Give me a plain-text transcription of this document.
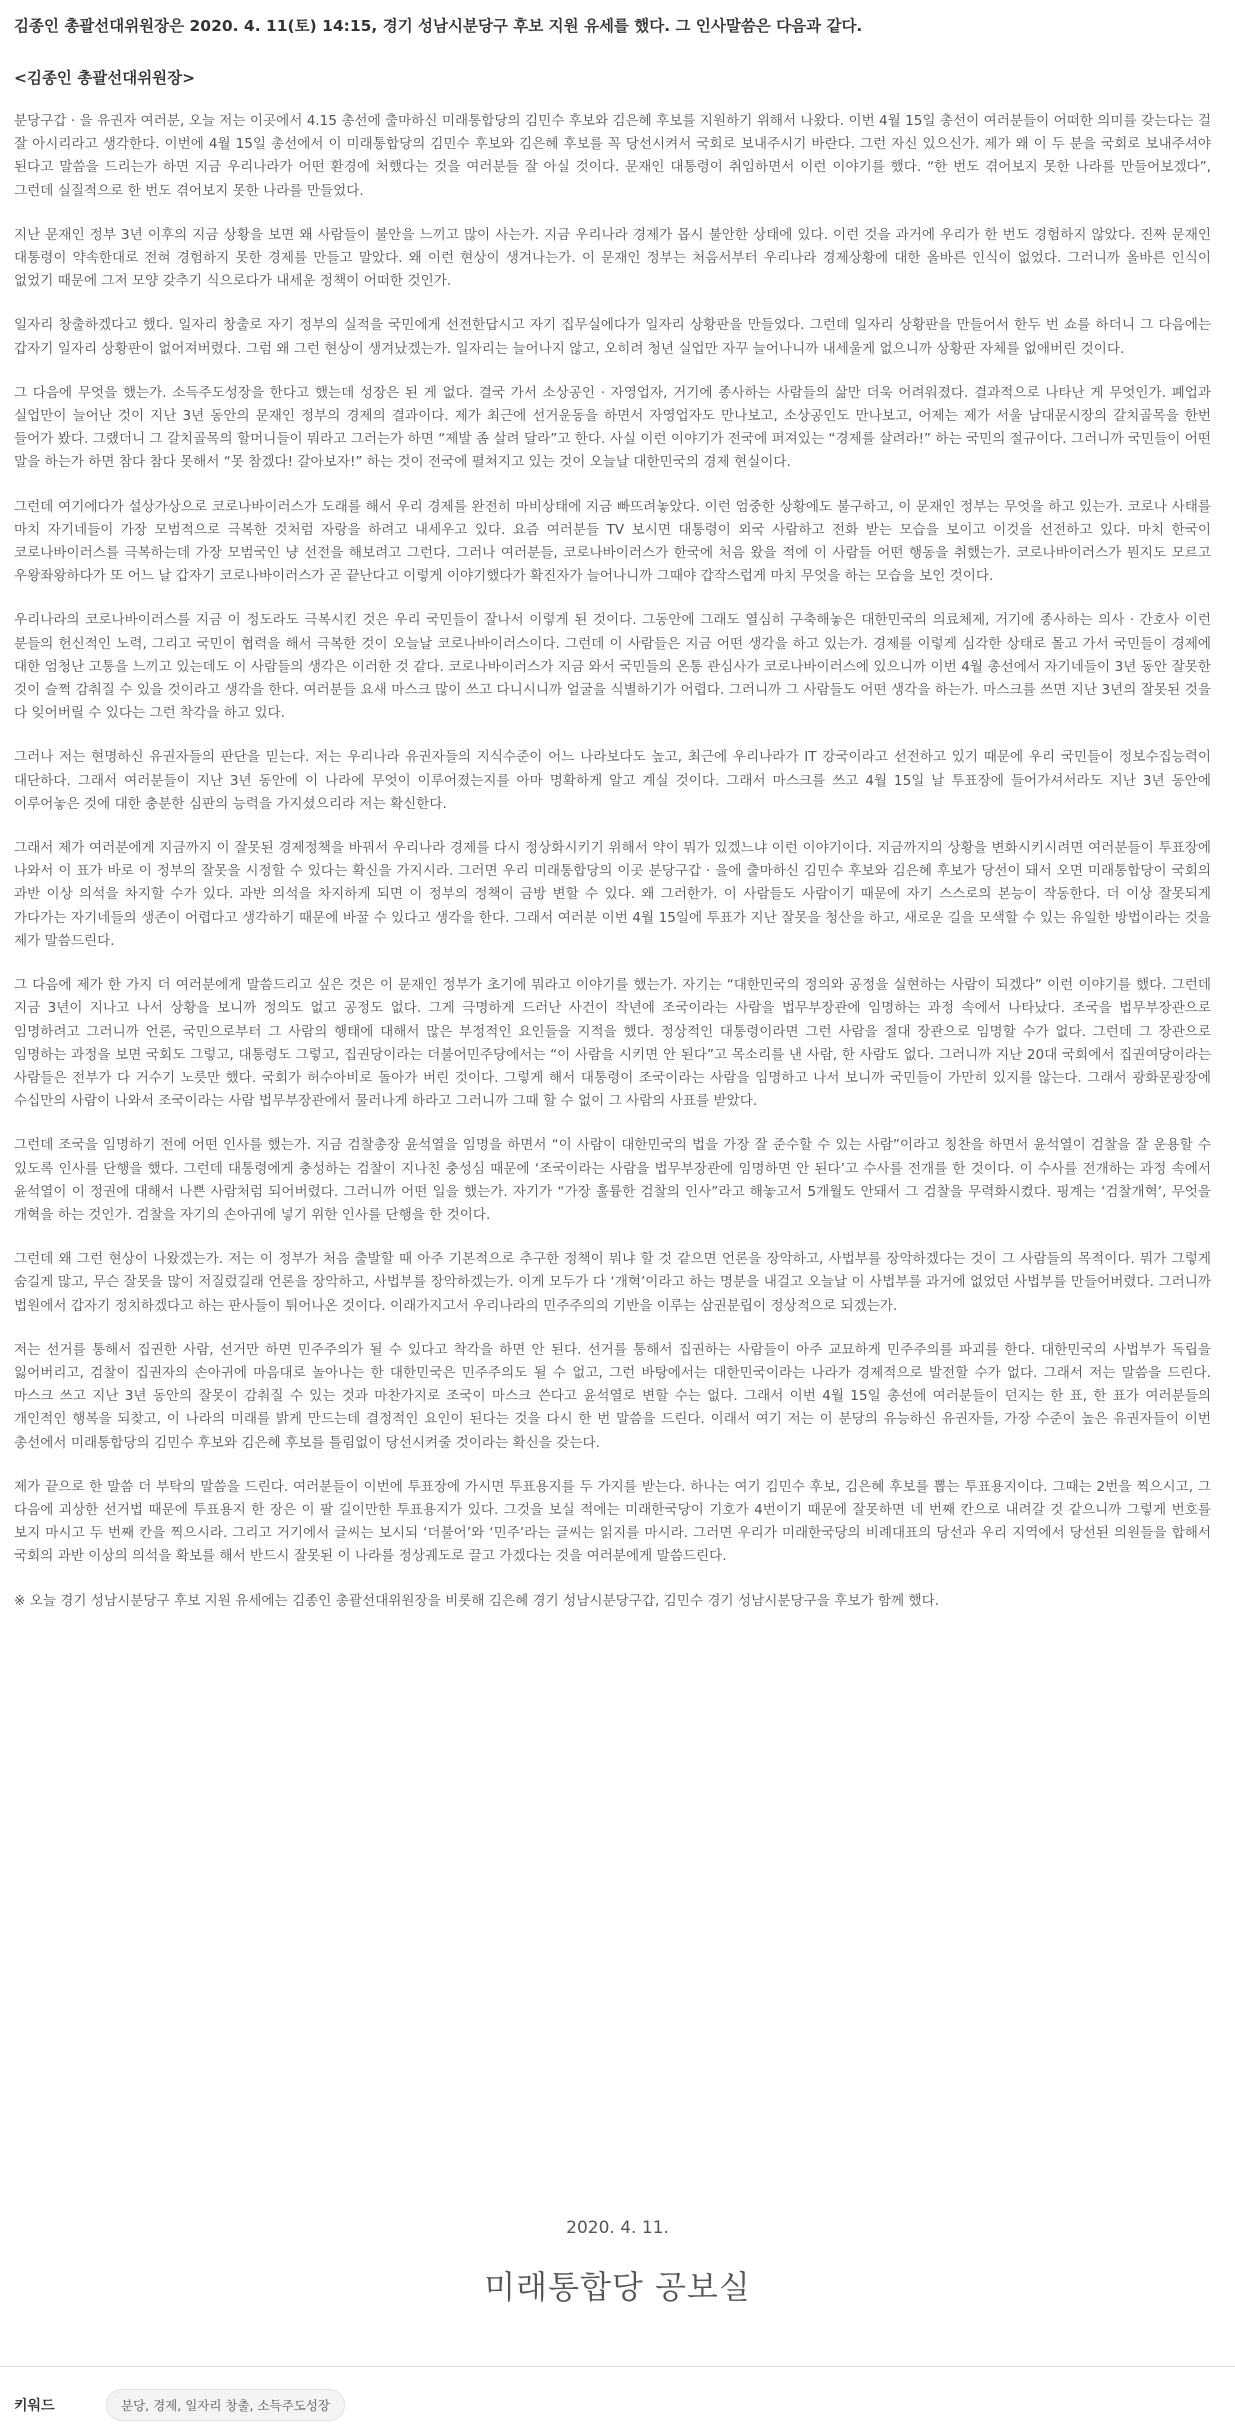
김종인 총괄선대위원장은 2020. 4. 11(토) 14:15, 경기 성남시분당구 후보 지원 유세를 했다. 그 인사말씀은 다음과 같다.
<김종인 총괄선대위원장>

분당구갑 · 을 유권자 여러분, 오늘 저는 이곳에서 4.15 총선에 출마하신 미래통합당의 김민수 후보와 김은혜 후보를 지원하기 위해서 나왔다. 이번 4월 15일 총선이 여러분들이 어떠한 의미를 갖는다는 걸 잘 아시리라고 생각한다. 이번에 4월 15일 총선에서 이 미래통합당의 김민수 후보와 김은혜 후보를 꼭 당선시켜서 국회로 보내주시기 바란다. 그런 자신 있으신가. 제가 왜 이 두 분을 국회로 보내주셔야 된다고 말씀을 드리는가 하면 지금 우리나라가 어떤 환경에 처했다는 것을 여러분들 잘 아실 것이다. 문재인 대통령이 취임하면서 이런 이야기를 했다. “한 번도 겪어보지 못한 나라를 만들어보겠다”, 그런데 실질적으로 한 번도 겪어보지 못한 나라를 만들었다.

지난 문재인 정부 3년 이후의 지금 상황을 보면 왜 사람들이 불안을 느끼고 많이 사는가. 지금 우리나라 경제가 몹시 불안한 상태에 있다. 이런 것을 과거에 우리가 한 번도 경험하지 않았다. 진짜 문재인 대통령이 약속한대로 전혀 경험하지 못한 경제를 만들고 말았다. 왜 이런 현상이 생겨나는가. 이 문재인 정부는 처음서부터 우리나라 경제상황에 대한 올바른 인식이 없었다. 그러니까 올바른 인식이 없었기 때문에 그저 모양 갖추기 식으로다가 내세운 정책이 어떠한 것인가.

일자리 창출하겠다고 했다. 일자리 창출로 자기 정부의 실적을 국민에게 선전한답시고 자기 집무실에다가 일자리 상황판을 만들었다. 그런데 일자리 상황판을 만들어서 한두 번 쇼를 하더니 그 다음에는 갑자기 일자리 상황판이 없어져버렸다. 그럼 왜 그런 현상이 생겨났겠는가. 일자리는 늘어나지 않고, 오히려 청년 실업만 자꾸 늘어나니까 내세울게 없으니까 상황판 자체를 없애버린 것이다.

그 다음에 무엇을 했는가. 소득주도성장을 한다고 했는데 성장은 된 게 없다. 결국 가서 소상공인 · 자영업자, 거기에 종사하는 사람들의 삶만 더욱 어려워졌다. 결과적으로 나타난 게 무엇인가. 폐업과 실업만이 늘어난 것이 지난 3년 동안의 문재인 정부의 경제의 결과이다. 제가 최근에 선거운동을 하면서 자영업자도 만나보고, 소상공인도 만나보고, 어제는 제가 서울 남대문시장의 갈치골목을 한번 들어가 봤다. 그랬더니 그 갈치골목의 할머니들이 뭐라고 그러는가 하면 “제발 좀 살려 달라”고 한다. 사실 이런 이야기가 전국에 퍼져있는 “경제를 살려라!” 하는 국민의 절규이다. 그러니까 국민들이 어떤 말을 하는가 하면 참다 참다 못해서 “못 참겠다! 갈아보자!” 하는 것이 전국에 펼쳐지고 있는 것이 오늘날 대한민국의 경제 현실이다.

그런데 여기에다가 설상가상으로 코로나바이러스가 도래를 해서 우리 경제를 완전히 마비상태에 지금 빠뜨려놓았다. 이런 엄중한 상황에도 불구하고, 이 문재인 정부는 무엇을 하고 있는가. 코로나 사태를 마치 자기네들이 가장 모범적으로 극복한 것처럼 자랑을 하려고 내세우고 있다. 요즘 여러분들 TV 보시면 대통령이 외국 사람하고 전화 받는 모습을 보이고 이것을 선전하고 있다. 마치 한국이 코로나바이러스를 극복하는데 가장 모범국인 냥 선전을 해보려고 그런다. 그러나 여러분들, 코로나바이러스가 한국에 처음 왔을 적에 이 사람들 어떤 행동을 취했는가. 코로나바이러스가 뭔지도 모르고 우왕좌왕하다가 또 어느 날 갑자기 코로나바이러스가 곧 끝난다고 이렇게 이야기했다가 확진자가 늘어나니까 그때야 갑작스럽게 마치 무엇을 하는 모습을 보인 것이다.

우리나라의 코로나바이러스를 지금 이 정도라도 극복시킨 것은 우리 국민들이 잘나서 이렇게 된 것이다. 그동안에 그래도 열심히 구축해놓은 대한민국의 의료체제, 거기에 종사하는 의사 · 간호사 이런 분들의 헌신적인 노력, 그리고 국민이 협력을 해서 극복한 것이 오늘날 코로나바이러스이다. 그런데 이 사람들은 지금 어떤 생각을 하고 있는가. 경제를 이렇게 심각한 상태로 몰고 가서 국민들이 경제에 대한 엄청난 고통을 느끼고 있는데도 이 사람들의 생각은 이러한 것 같다. 코로나바이러스가 지금 와서 국민들의 온통 관심사가 코로나바이러스에 있으니까 이번 4월 총선에서 자기네들이 3년 동안 잘못한 것이 슬쩍 감춰질 수 있을 것이라고 생각을 한다. 여러분들 요새 마스크 많이 쓰고 다니시니까 얼굴을 식별하기가 어렵다. 그러니까 그 사람들도 어떤 생각을 하는가. 마스크를 쓰면 지난 3년의 잘못된 것을 다 잊어버릴 수 있다는 그런 착각을 하고 있다.

그러나 저는 현명하신 유권자들의 판단을 믿는다. 저는 우리나라 유권자들의 지식수준이 어느 나라보다도 높고, 최근에 우리나라가 IT 강국이라고 선전하고 있기 때문에 우리 국민들이 정보수집능력이 대단하다. 그래서 여러분들이 지난 3년 동안에 이 나라에 무엇이 이루어졌는지를 아마 명확하게 알고 계실 것이다. 그래서 마스크를 쓰고 4월 15일 날 투표장에 들어가셔서라도 지난 3년 동안에 이루어놓은 것에 대한 충분한 심판의 능력을 가지셨으리라 저는 확신한다.

그래서 제가 여러분에게 지금까지 이 잘못된 경제정책을 바꿔서 우리나라 경제를 다시 정상화시키기 위해서 약이 뭐가 있겠느냐 이런 이야기이다. 지금까지의 상황을 변화시키시려면 여러분들이 투표장에 나와서 이 표가 바로 이 정부의 잘못을 시정할 수 있다는 확신을 가지시라. 그러면 우리 미래통합당의 이곳 분당구갑 · 을에 출마하신 김민수 후보와 김은혜 후보가 당선이 돼서 오면 미래통합당이 국회의 과반 이상 의석을 차지할 수가 있다. 과반 의석을 차지하게 되면 이 정부의 정책이 금방 변할 수 있다. 왜 그러한가. 이 사람들도 사람이기 때문에 자기 스스로의 본능이 작동한다. 더 이상 잘못되게 가다가는 자기네들의 생존이 어렵다고 생각하기 때문에 바꿀 수 있다고 생각을 한다. 그래서 여러분 이번 4월 15일에 투표가 지난 잘못을 청산을 하고, 새로운 길을 모색할 수 있는 유일한 방법이라는 것을 제가 말씀드린다.

그 다음에 제가 한 가지 더 여러분에게 말씀드리고 싶은 것은 이 문재인 정부가 초기에 뭐라고 이야기를 했는가. 자기는 “대한민국의 정의와 공정을 실현하는 사람이 되겠다” 이런 이야기를 했다. 그런데 지금 3년이 지나고 나서 상황을 보니까 정의도 없고 공정도 없다. 그게 극명하게 드러난 사건이 작년에 조국이라는 사람을 법무부장관에 임명하는 과정 속에서 나타났다. 조국을 법무부장관으로 임명하려고 그러니까 언론, 국민으로부터 그 사람의 행태에 대해서 많은 부정적인 요인들을 지적을 했다. 정상적인 대통령이라면 그런 사람을 절대 장관으로 임명할 수가 없다. 그런데 그 장관으로 임명하는 과정을 보면 국회도 그렇고, 대통령도 그렇고, 집권당이라는 더불어민주당에서는 “이 사람을 시키면 안 된다”고 목소리를 낸 사람, 한 사람도 없다. 그러니까 지난 20대 국회에서 집권여당이라는 사람들은 전부가 다 거수기 노릇만 했다. 국회가 허수아비로 돌아가 버린 것이다. 그렇게 해서 대통령이 조국이라는 사람을 임명하고 나서 보니까 국민들이 가만히 있지를 않는다. 그래서 광화문광장에 수십만의 사람이 나와서 조국이라는 사람 법무부장관에서 물러나게 하라고 그러니까 그때 할 수 없이 그 사람의 사표를 받았다.

그런데 조국을 임명하기 전에 어떤 인사를 했는가. 지금 검찰총장 윤석열을 임명을 하면서 “이 사람이 대한민국의 법을 가장 잘 준수할 수 있는 사람”이라고 칭찬을 하면서 윤석열이 검찰을 잘 운용할 수 있도록 인사를 단행을 했다. 그런데 대통령에게 충성하는 검찰이 지나친 충성심 때문에 ‘조국이라는 사람을 법무부장관에 임명하면 안 된다’고 수사를 전개를 한 것이다. 이 수사를 전개하는 과정 속에서 윤석열이 이 정권에 대해서 나쁜 사람처럼 되어버렸다. 그러니까 어떤 일을 했는가. 자기가 “가장 훌륭한 검찰의 인사”라고 해놓고서 5개월도 안돼서 그 검찰을 무력화시켰다. 핑계는 ‘검찰개혁’, 무엇을 개혁을 하는 것인가. 검찰을 자기의 손아귀에 넣기 위한 인사를 단행을 한 것이다.

그런데 왜 그런 현상이 나왔겠는가. 저는 이 정부가 처음 출발할 때 아주 기본적으로 추구한 정책이 뭐냐 할 것 같으면 언론을 장악하고, 사법부를 장악하겠다는 것이 그 사람들의 목적이다. 뭐가 그렇게 숨길게 많고, 무슨 잘못을 많이 저질렀길래 언론을 장악하고, 사법부를 장악하겠는가. 이게 모두가 다 ‘개혁’이라고 하는 명분을 내걸고 오늘날 이 사법부를 과거에 없었던 사법부를 만들어버렸다. 그러니까 법원에서 갑자기 정치하겠다고 하는 판사들이 튀어나온 것이다. 이래가지고서 우리나라의 민주주의의 기반을 이루는 삼권분립이 정상적으로 되겠는가.

저는 선거를 통해서 집권한 사람, 선거만 하면 민주주의가 될 수 있다고 착각을 하면 안 된다. 선거를 통해서 집권하는 사람들이 아주 교묘하게 민주주의를 파괴를 한다. 대한민국의 사법부가 독립을 잃어버리고, 검찰이 집권자의 손아귀에 마음대로 놀아나는 한 대한민국은 민주주의도 될 수 없고, 그런 바탕에서는 대한민국이라는 나라가 경제적으로 발전할 수가 없다. 그래서 저는 말씀을 드린다. 마스크 쓰고 지난 3년 동안의 잘못이 감춰질 수 있는 것과 마찬가지로 조국이 마스크 쓴다고 윤석열로 변할 수는 없다. 그래서 이번 4월 15일 총선에 여러분들이 던지는 한 표, 한 표가 여러분들의 개인적인 행복을 되찾고, 이 나라의 미래를 밝게 만드는데 결정적인 요인이 된다는 것을 다시 한 번 말씀을 드린다. 이래서 여기 저는 이 분당의 유능하신 유권자들, 가장 수준이 높은 유권자들이 이번 총선에서 미래통합당의 김민수 후보와 김은혜 후보를 틀림없이 당선시켜줄 것이라는 확신을 갖는다.

제가 끝으로 한 말씀 더 부탁의 말씀을 드린다. 여러분들이 이번에 투표장에 가시면 투표용지를 두 가지를 받는다. 하나는 여기 김민수 후보, 김은혜 후보를 뽑는 투표용지이다. 그때는 2번을 찍으시고, 그 다음에 괴상한 선거법 때문에 투표용지 한 장은 이 팔 길이만한 투표용지가 있다. 그것을 보실 적에는 미래한국당이 기호가 4번이기 때문에 잘못하면 네 번째 칸으로 내려갈 것 같으니까 그렇게 번호를 보지 마시고 두 번째 칸을 찍으시라. 그리고 거기에서 글씨는 보시되 ‘더불어’와 ‘민주’라는 글씨는 읽지를 마시라. 그러면 우리가 미래한국당의 비례대표의 당선과 우리 지역에서 당선된 의원들을 합해서 국회의 과반 이상의 의석을 확보를 해서 반드시 잘못된 이 나라를 정상궤도로 끌고 가겠다는 것을 여러분에게 말씀드린다.

※ 오늘 경기 성남시분당구 후보 지원 유세에는 김종인 총괄선대위원장을 비롯해 김은혜 경기 성남시분당구갑, 김민수 경기 성남시분당구을 후보가 함께 했다.

2020. 4. 11.
미래통합당 공보실
키워드	분당, 경제, 일자리 창출, 소득주도성장
